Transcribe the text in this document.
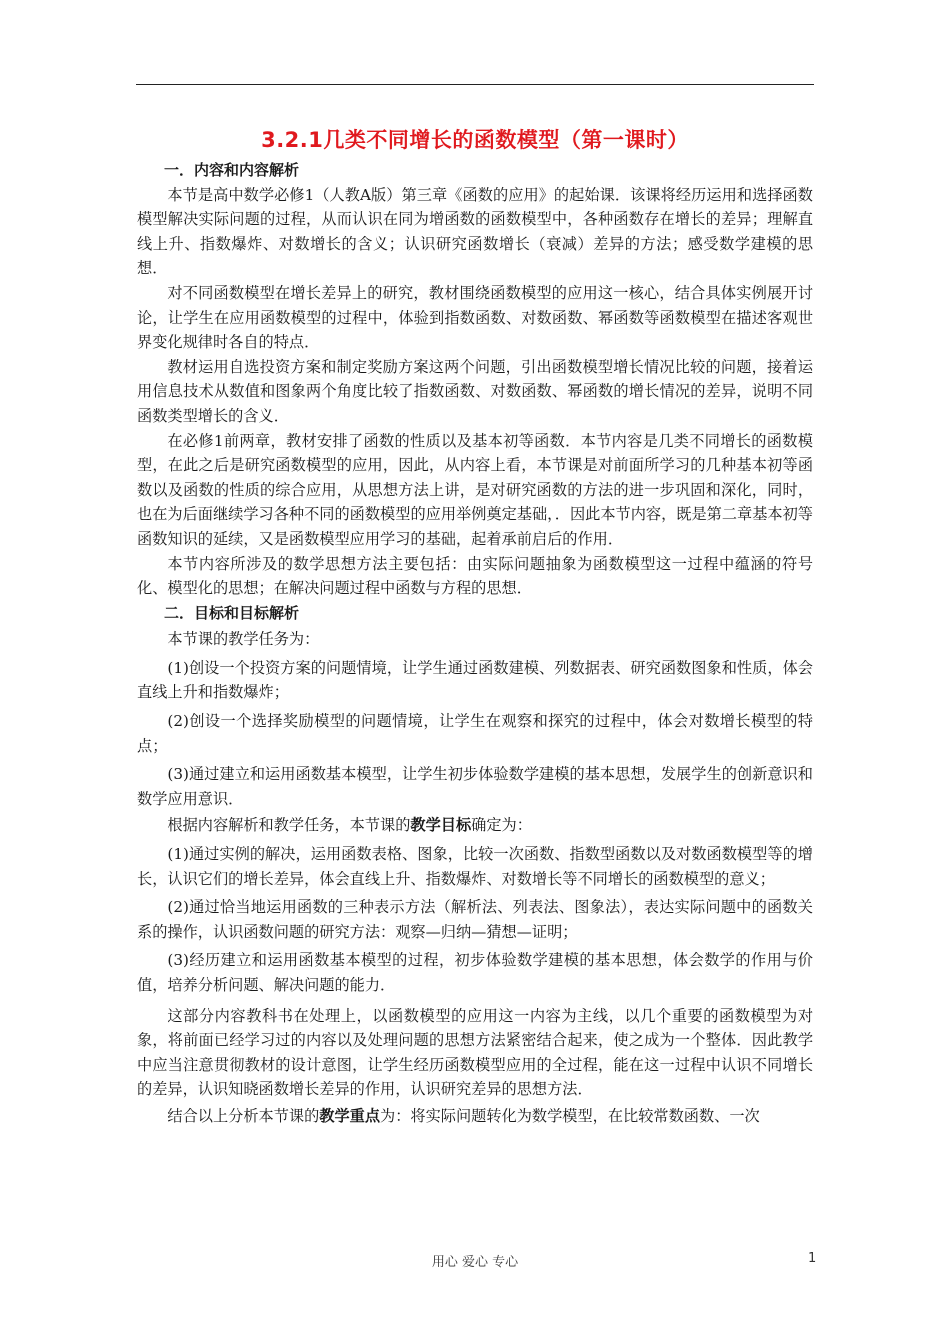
3.2.1几类不同增长的函数模型（第一课时）

一．内容和内容解析

本节是高中数学必修1（人教A版）第三章《函数的应用》的起始课．该课将经历运用和选择函数模型解决实际问题的过程，从而认识在同为增函数的函数模型中，各种函数存在增长的差异；理解直线上升、指数爆炸、对数增长的含义；认识研究函数增长（衰减）差异的方法；感受数学建模的思想．

对不同函数模型在增长差异上的研究，教材围绕函数模型的应用这一核心，结合具体实例展开讨论，让学生在应用函数模型的过程中，体验到指数函数、对数函数、幂函数等函数模型在描述客观世界变化规律时各自的特点．

教材运用自选投资方案和制定奖励方案这两个问题，引出函数模型增长情况比较的问题，接着运用信息技术从数值和图象两个角度比较了指数函数、对数函数、幂函数的增长情况的差异，说明不同函数类型增长的含义．

在必修1前两章，教材安排了函数的性质以及基本初等函数．本节内容是几类不同增长的函数模型，在此之后是研究函数模型的应用，因此，从内容上看，本节课是对前面所学习的几种基本初等函数以及函数的性质的综合应用，从思想方法上讲，是对研究函数的方法的进一步巩固和深化，同时，也在为后面继续学习各种不同的函数模型的应用举例奠定基础，．因此本节内容，既是第二章基本初等函数知识的延续，又是函数模型应用学习的基础，起着承前启后的作用．

本节内容所涉及的数学思想方法主要包括：由实际问题抽象为函数模型这一过程中蕴涵的符号化、模型化的思想；在解决问题过程中函数与方程的思想．

二．目标和目标解析

本节课的教学任务为：

(1)创设一个投资方案的问题情境，让学生通过函数建模、列数据表、研究函数图象和性质，体会直线上升和指数爆炸；

(2)创设一个选择奖励模型的问题情境，让学生在观察和探究的过程中，体会对数增长模型的特点；

(3)通过建立和运用函数基本模型，让学生初步体验数学建模的基本思想，发展学生的创新意识和数学应用意识．

根据内容解析和教学任务，本节课的教学目标确定为：

(1)通过实例的解决，运用函数表格、图象，比较一次函数、指数型函数以及对数函数模型等的增长，认识它们的增长差异，体会直线上升、指数爆炸、对数增长等不同增长的函数模型的意义；

(2)通过恰当地运用函数的三种表示方法（解析法、列表法、图象法），表达实际问题中的函数关系的操作，认识函数问题的研究方法：观察—归纳—猜想—证明；

(3)经历建立和运用函数基本模型的过程，初步体验数学建模的基本思想，体会数学的作用与价值，培养分析问题、解决问题的能力．

这部分内容教科书在处理上，以函数模型的应用这一内容为主线，以几个重要的函数模型为对象，将前面已经学习过的内容以及处理问题的思想方法紧密结合起来，使之成为一个整体．因此教学中应当注意贯彻教材的设计意图，让学生经历函数模型应用的全过程，能在这一过程中认识不同增长的差异，认识知晓函数增长差异的作用，认识研究差异的思想方法．

结合以上分析本节课的教学重点为：将实际问题转化为数学模型，在比较常数函数、一次

用心 爱心 专心	1
